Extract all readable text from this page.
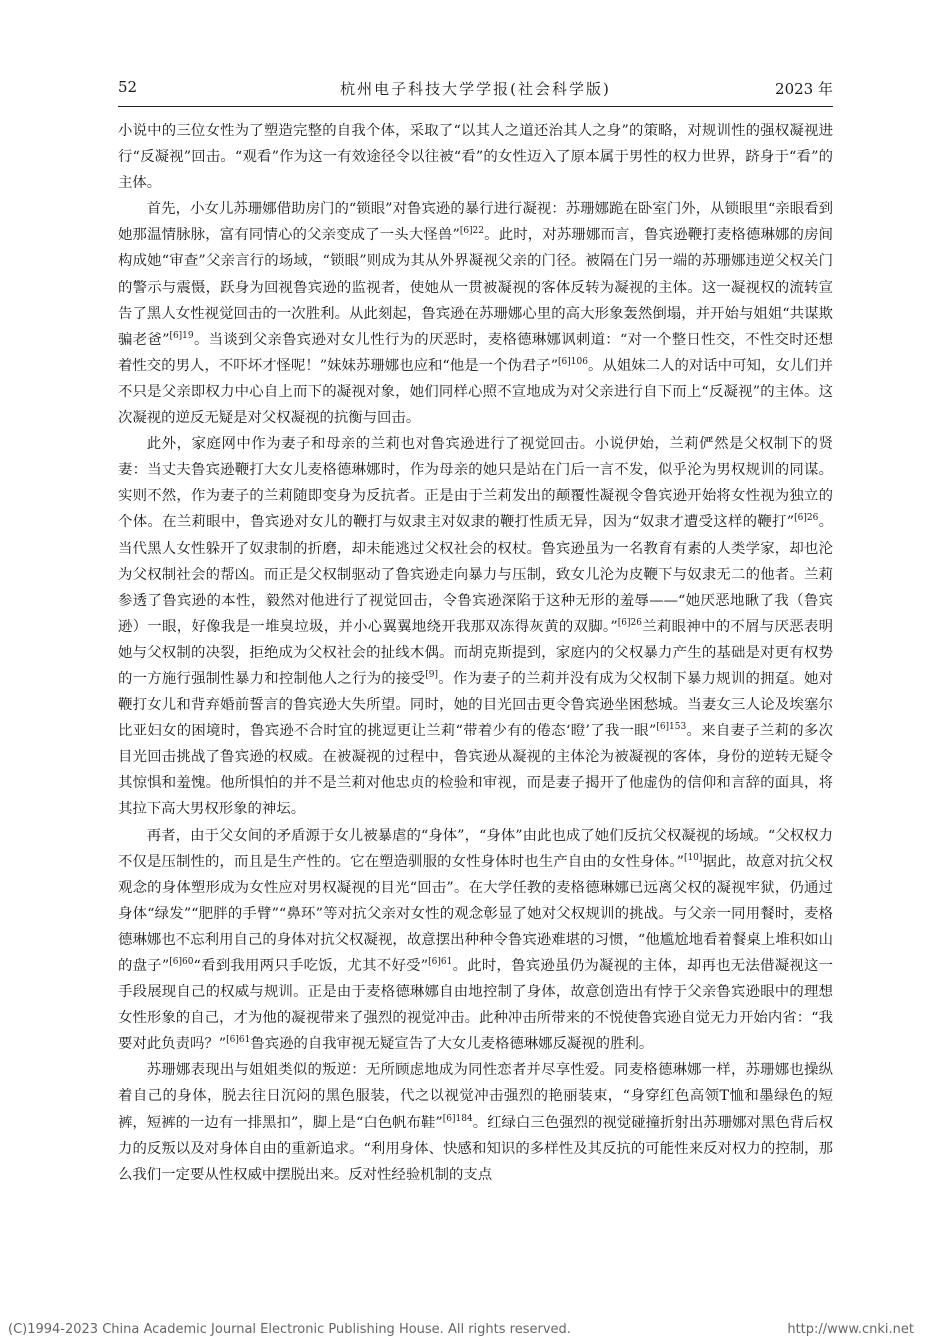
52	杭州电子科技大学学报(社会科学版)	2023 年

小说中的三位女性为了塑造完整的自我个体，采取了“以其人之道还治其人之身”的策略，对规训性的强权凝视进行“反凝视”回击。“观看”作为这一有效途径令以往被“看”的女性迈入了原本属于男性的权力世界，跻身于“看”的主体。

首先，小女儿苏珊娜借助房门的“锁眼”对鲁宾逊的暴行进行凝视：苏珊娜跪在卧室门外，从锁眼里“亲眼看到她那温情脉脉，富有同情心的父亲变成了一头大怪兽”$^{[6]22}$。此时，对苏珊娜而言，鲁宾逊鞭打麦格德琳娜的房间构成她“审查”父亲言行的场域，“锁眼”则成为其从外界凝视父亲的门径。被隔在门另一端的苏珊娜违逆父权关门的警示与震慑，跃身为回视鲁宾逊的监视者，使她从一贯被凝视的客体反转为凝视的主体。这一凝视权的流转宣告了黑人女性视觉回击的一次胜利。从此刻起，鲁宾逊在苏珊娜心里的高大形象轰然倒塌，并开始与姐姐“共谋欺骗老爸”$^{[6]19}$。当谈到父亲鲁宾逊对女儿性行为的厌恶时，麦格德琳娜讽刺道：“对一个整日性交，不性交时还想着性交的男人，不吓坏才怪呢！”妹妹苏珊娜也应和“他是一个伪君子”$^{[6]106}$。从姐妹二人的对话中可知，女儿们并不只是父亲即权力中心自上而下的凝视对象，她们同样心照不宣地成为对父亲进行自下而上“反凝视”的主体。这次凝视的逆反无疑是对父权凝视的抗衡与回击。

此外，家庭网中作为妻子和母亲的兰莉也对鲁宾逊进行了视觉回击。小说伊始，兰莉俨然是父权制下的贤妻：当丈夫鲁宾逊鞭打大女儿麦格德琳娜时，作为母亲的她只是站在门后一言不发，似乎沦为男权规训的同谋。实则不然，作为妻子的兰莉随即变身为反抗者。正是由于兰莉发出的颠覆性凝视令鲁宾逊开始将女性视为独立的个体。在兰莉眼中，鲁宾逊对女儿的鞭打与奴隶主对奴隶的鞭打性质无异，因为“奴隶才遭受这样的鞭打”$^{[6]26}$。当代黑人女性躲开了奴隶制的折磨，却未能逃过父权社会的权杖。鲁宾逊虽为一名教育有素的人类学家，却也沦为父权制社会的帮凶。而正是父权制驱动了鲁宾逊走向暴力与压制，致女儿沦为皮鞭下与奴隶无二的他者。兰莉参透了鲁宾逊的本性，毅然对他进行了视觉回击，令鲁宾逊深陷于这种无形的羞辱——“她厌恶地瞅了我（鲁宾逊）一眼，好像我是一堆臭垃圾，并小心翼翼地绕开我那双冻得灰黄的双脚。”$^{[6]26}$兰莉眼神中的不屑与厌恶表明她与父权制的决裂，拒绝成为父权社会的扯线木偶。而胡克斯提到，家庭内的父权暴力产生的基础是对更有权势的一方施行强制性暴力和控制他人之行为的接受[9]。作为妻子的兰莉并没有成为父权制下暴力规训的拥趸。她对鞭打女儿和背弃婚前誓言的鲁宾逊大失所望。同时，她的目光回击更令鲁宾逊坐困愁城。当妻女三人论及埃塞尔比亚妇女的困境时，鲁宾逊不合时宜的挑逗更让兰莉“带着少有的倦态‘瞪’了我一眼”$^{[6]153}$。来自妻子兰莉的多次目光回击挑战了鲁宾逊的权威。在被凝视的过程中，鲁宾逊从凝视的主体沦为被凝视的客体，身份的逆转无疑令其惊惧和羞愧。他所惧怕的并不是兰莉对他忠贞的检验和审视，而是妻子揭开了他虚伪的信仰和言辞的面具，将其拉下高大男权形象的神坛。

再者，由于父女间的矛盾源于女儿被暴虐的“身体”，“身体”由此也成了她们反抗父权凝视的场域。“父权权力不仅是压制性的，而且是生产性的。它在塑造驯服的女性身体时也生产自由的女性身体。”[10]据此，故意对抗父权观念的身体塑形成为女性应对男权凝视的目光“回击”。在大学任教的麦格德琳娜已远离父权的凝视牢狱，仍通过身体“绿发”“肥胖的手臂”“鼻环”等对抗父亲对女性的观念彰显了她对父权规训的挑战。与父亲一同用餐时，麦格德琳娜也不忘利用自己的身体对抗父权凝视，故意摆出种种令鲁宾逊难堪的习惯，“他尴尬地看着餐桌上堆积如山的盘子”$^{[6]60}$“看到我用两只手吃饭，尤其不好受”$^{[6]61}$。此时，鲁宾逊虽仍为凝视的主体，却再也无法借凝视这一手段展现自己的权威与规训。正是由于麦格德琳娜自由地控制了身体，故意创造出有悖于父亲鲁宾逊眼中的理想女性形象的自己，才为他的凝视带来了强烈的视觉冲击。此种冲击所带来的不悦使鲁宾逊自觉无力开始内省：“我要对此负责吗？”$^{[6]61}$鲁宾逊的自我审视无疑宣告了大女儿麦格德琳娜反凝视的胜利。

苏珊娜表现出与姐姐类似的叛逆：无所顾虑地成为同性恋者并尽享性爱。同麦格德琳娜一样，苏珊娜也操纵着自己的身体，脱去往日沉闷的黑色服装，代之以视觉冲击强烈的艳丽装束，“身穿红色高领T恤和墨绿色的短裤，短裤的一边有一排黑扣”，脚上是“白色帆布鞋”$^{[6]184}$。红绿白三色强烈的视觉碰撞折射出苏珊娜对黑色背后权力的反叛以及对身体自由的重新追求。“利用身体、快感和知识的多样性及其反抗的可能性来反对权力的控制，那么我们一定要从性权威中摆脱出来。反对性经验机制的支点

(C)1994-2023 China Academic Journal Electronic Publishing House. All rights reserved.	http://www.cnki.net
